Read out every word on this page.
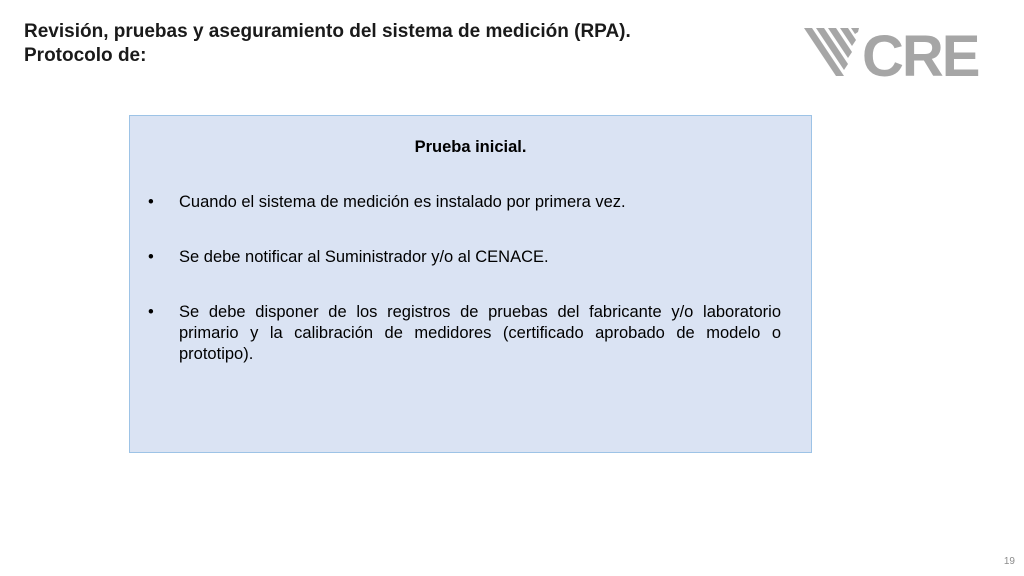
Revisión, pruebas y aseguramiento del sistema de medición (RPA).
Protocolo de:	CRE

Prueba inicial.

• Cuando el sistema de medición es instalado por primera vez.
• Se debe notificar al Suministrador y/o al CENACE.
• Se debe disponer de los registros de pruebas del fabricante y/o laboratorio primario y la calibración de medidores (certificado aprobado de modelo o prototipo).
19
